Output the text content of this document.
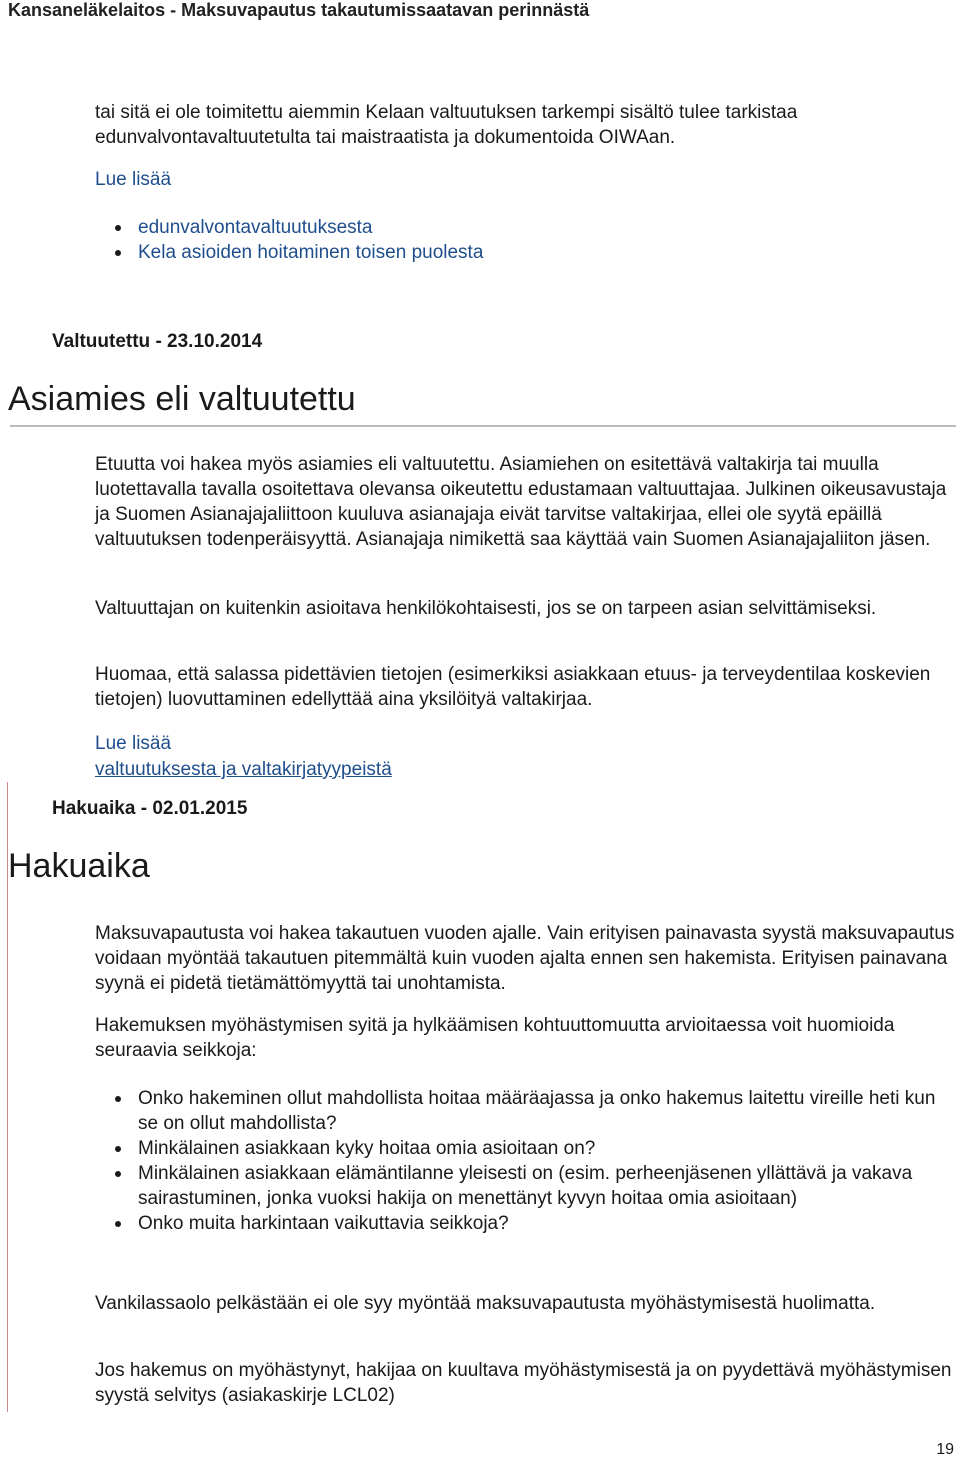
Kansaneläkelaitos - Maksuvapautus takautumissaatavan perinnästä

tai sitä ei ole toimitettu aiemmin Kelaan valtuutuksen tarkempi sisältö tulee tarkistaa edunvalvontavaltuutetulta tai maistraatista ja dokumentoida OIWAan.

Lue lisää
edunvalvontavaltuutuksesta
Kela asioiden hoitaminen toisen puolesta
Valtuutettu - 23.10.2014
Asiamies eli valtuutettu

Etuutta voi hakea myös asiamies eli valtuutettu. Asiamiehen on esitettävä valtakirja tai muulla luotettavalla tavalla osoitettava olevansa oikeutettu edustamaan valtuuttajaa. Julkinen oikeusavustaja ja Suomen Asianajajaliittoon kuuluva asianajaja eivät tarvitse valtakirjaa, ellei ole syytä epäillä valtuutuksen todenperäisyyttä. Asianajaja nimikettä saa käyttää vain Suomen Asianajajaliiton jäsen.

Valtuuttajan on kuitenkin asioitava henkilökohtaisesti, jos se on tarpeen asian selvittämiseksi.

Huomaa, että salassa pidettävien tietojen (esimerkiksi asiakkaan etuus- ja terveydentilaa koskevien tietojen) luovuttaminen edellyttää aina yksilöityä valtakirjaa.

Lue lisää
valtuutuksesta ja valtakirjatyypeistä
Hakuaika - 02.01.2015
Hakuaika

Maksuvapautusta voi hakea takautuen vuoden ajalle. Vain erityisen painavasta syystä maksuvapautus voidaan myöntää takautuen pitemmältä kuin vuoden ajalta ennen sen hakemista. Erityisen painavana syynä ei pidetä tietämättömyyttä tai unohtamista.

Hakemuksen myöhästymisen syitä ja hylkäämisen kohtuuttomuutta arvioitaessa voit huomioida seuraavia seikkoja:

Onko hakeminen ollut mahdollista hoitaa määräajassa ja onko hakemus laitettu vireille heti kun se on ollut mahdollista?
Minkälainen asiakkaan kyky hoitaa omia asioitaan on?
Minkälainen asiakkaan elämäntilanne yleisesti on (esim. perheenjäsenen yllättävä ja vakava sairastuminen, jonka vuoksi hakija on menettänyt kyvyn hoitaa omia asioitaan)
Onko muita harkintaan vaikuttavia seikkoja?

Vankilassaolo pelkästään ei ole syy myöntää maksuvapautusta myöhästymisestä huolimatta.

Jos hakemus on myöhästynyt, hakijaa on kuultava myöhästymisestä ja on pyydettävä myöhästymisen syystä selvitys (asiakaskirje LCL02)

19
